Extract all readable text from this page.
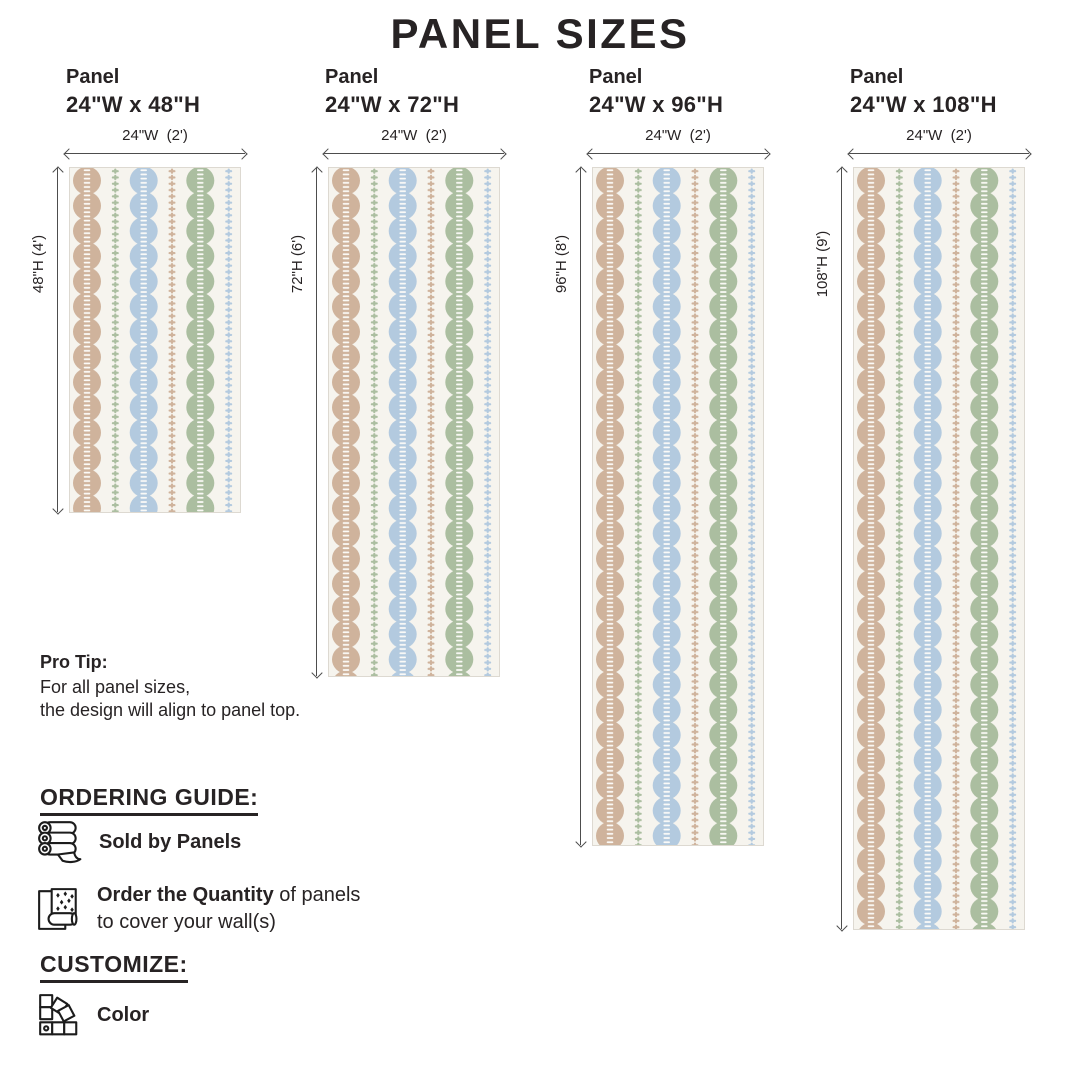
PANEL SIZES
Panel
24"W x 48"H
24"W  (2')
48"H (4')
Panel
24"W x 72"H
24"W  (2')
72"H (6')
Panel
24"W x 96"H
24"W  (2')
96"H (8')
Panel
24"W x 108"H
24"W  (2')
108"H (9')
Pro Tip:
For all panel sizes,
the design will align to panel top.
ORDERING GUIDE:
Sold by Panels
Order the Quantity of panels
to cover your wall(s)
CUSTOMIZE:
Color
